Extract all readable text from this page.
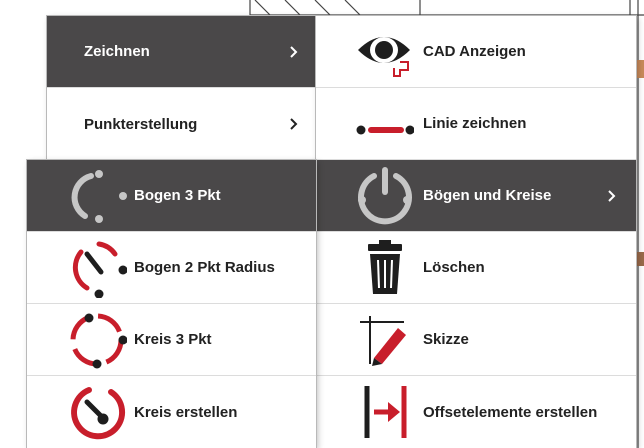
Zeichnen
Punkterstellung
CAD Anzeigen
Linie zeichnen
Bögen und Kreise
Löschen
Skizze
Offsetelemente erstellen
Bogen 3 Pkt
Bogen 2 Pkt Radius
Kreis 3 Pkt
Kreis erstellen
